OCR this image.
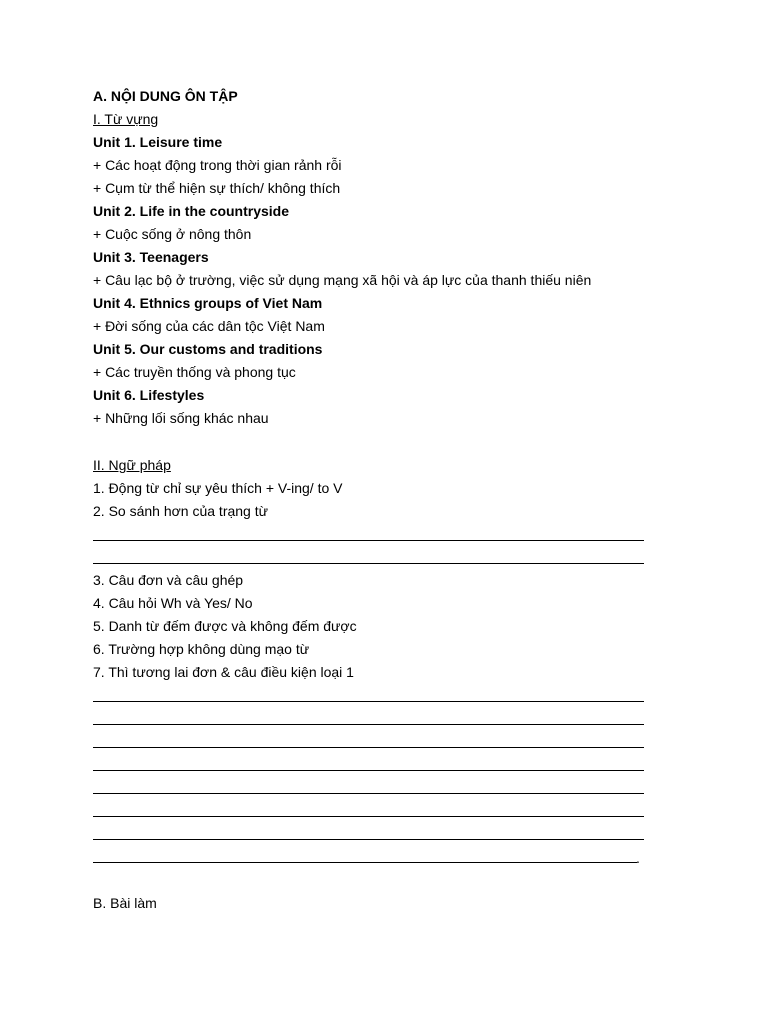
A. NỘI DUNG ÔN TẬP
I. Từ vựng
Unit 1. Leisure time
+ Các hoạt động trong thời gian rảnh rỗi
+ Cụm từ thể hiện sự thích/ không thích
Unit 2. Life in the countryside
+ Cuộc sống ở nông thôn
Unit 3. Teenagers
+ Câu lạc bộ ở trường, việc sử dụng mạng xã hội và áp lực của thanh thiếu niên
Unit 4. Ethnics groups of Viet Nam
+ Đời sống của các dân tộc Việt Nam
Unit 5. Our customs and traditions
+ Các truyền thống và phong tục
Unit 6. Lifestyles
+ Những lối sống khác nhau
II. Ngữ pháp
1. Động từ chỉ sự yêu thích + V-ing/ to V
2. So sánh hơn của trạng từ
3. Câu đơn và câu ghép
4. Câu hỏi Wh và Yes/ No
5. Danh từ đếm được và không đếm được
6. Trường hợp không dùng mạo từ
7. Thì tương lai đơn & câu điều kiện loại 1
.
B. Bài làm
